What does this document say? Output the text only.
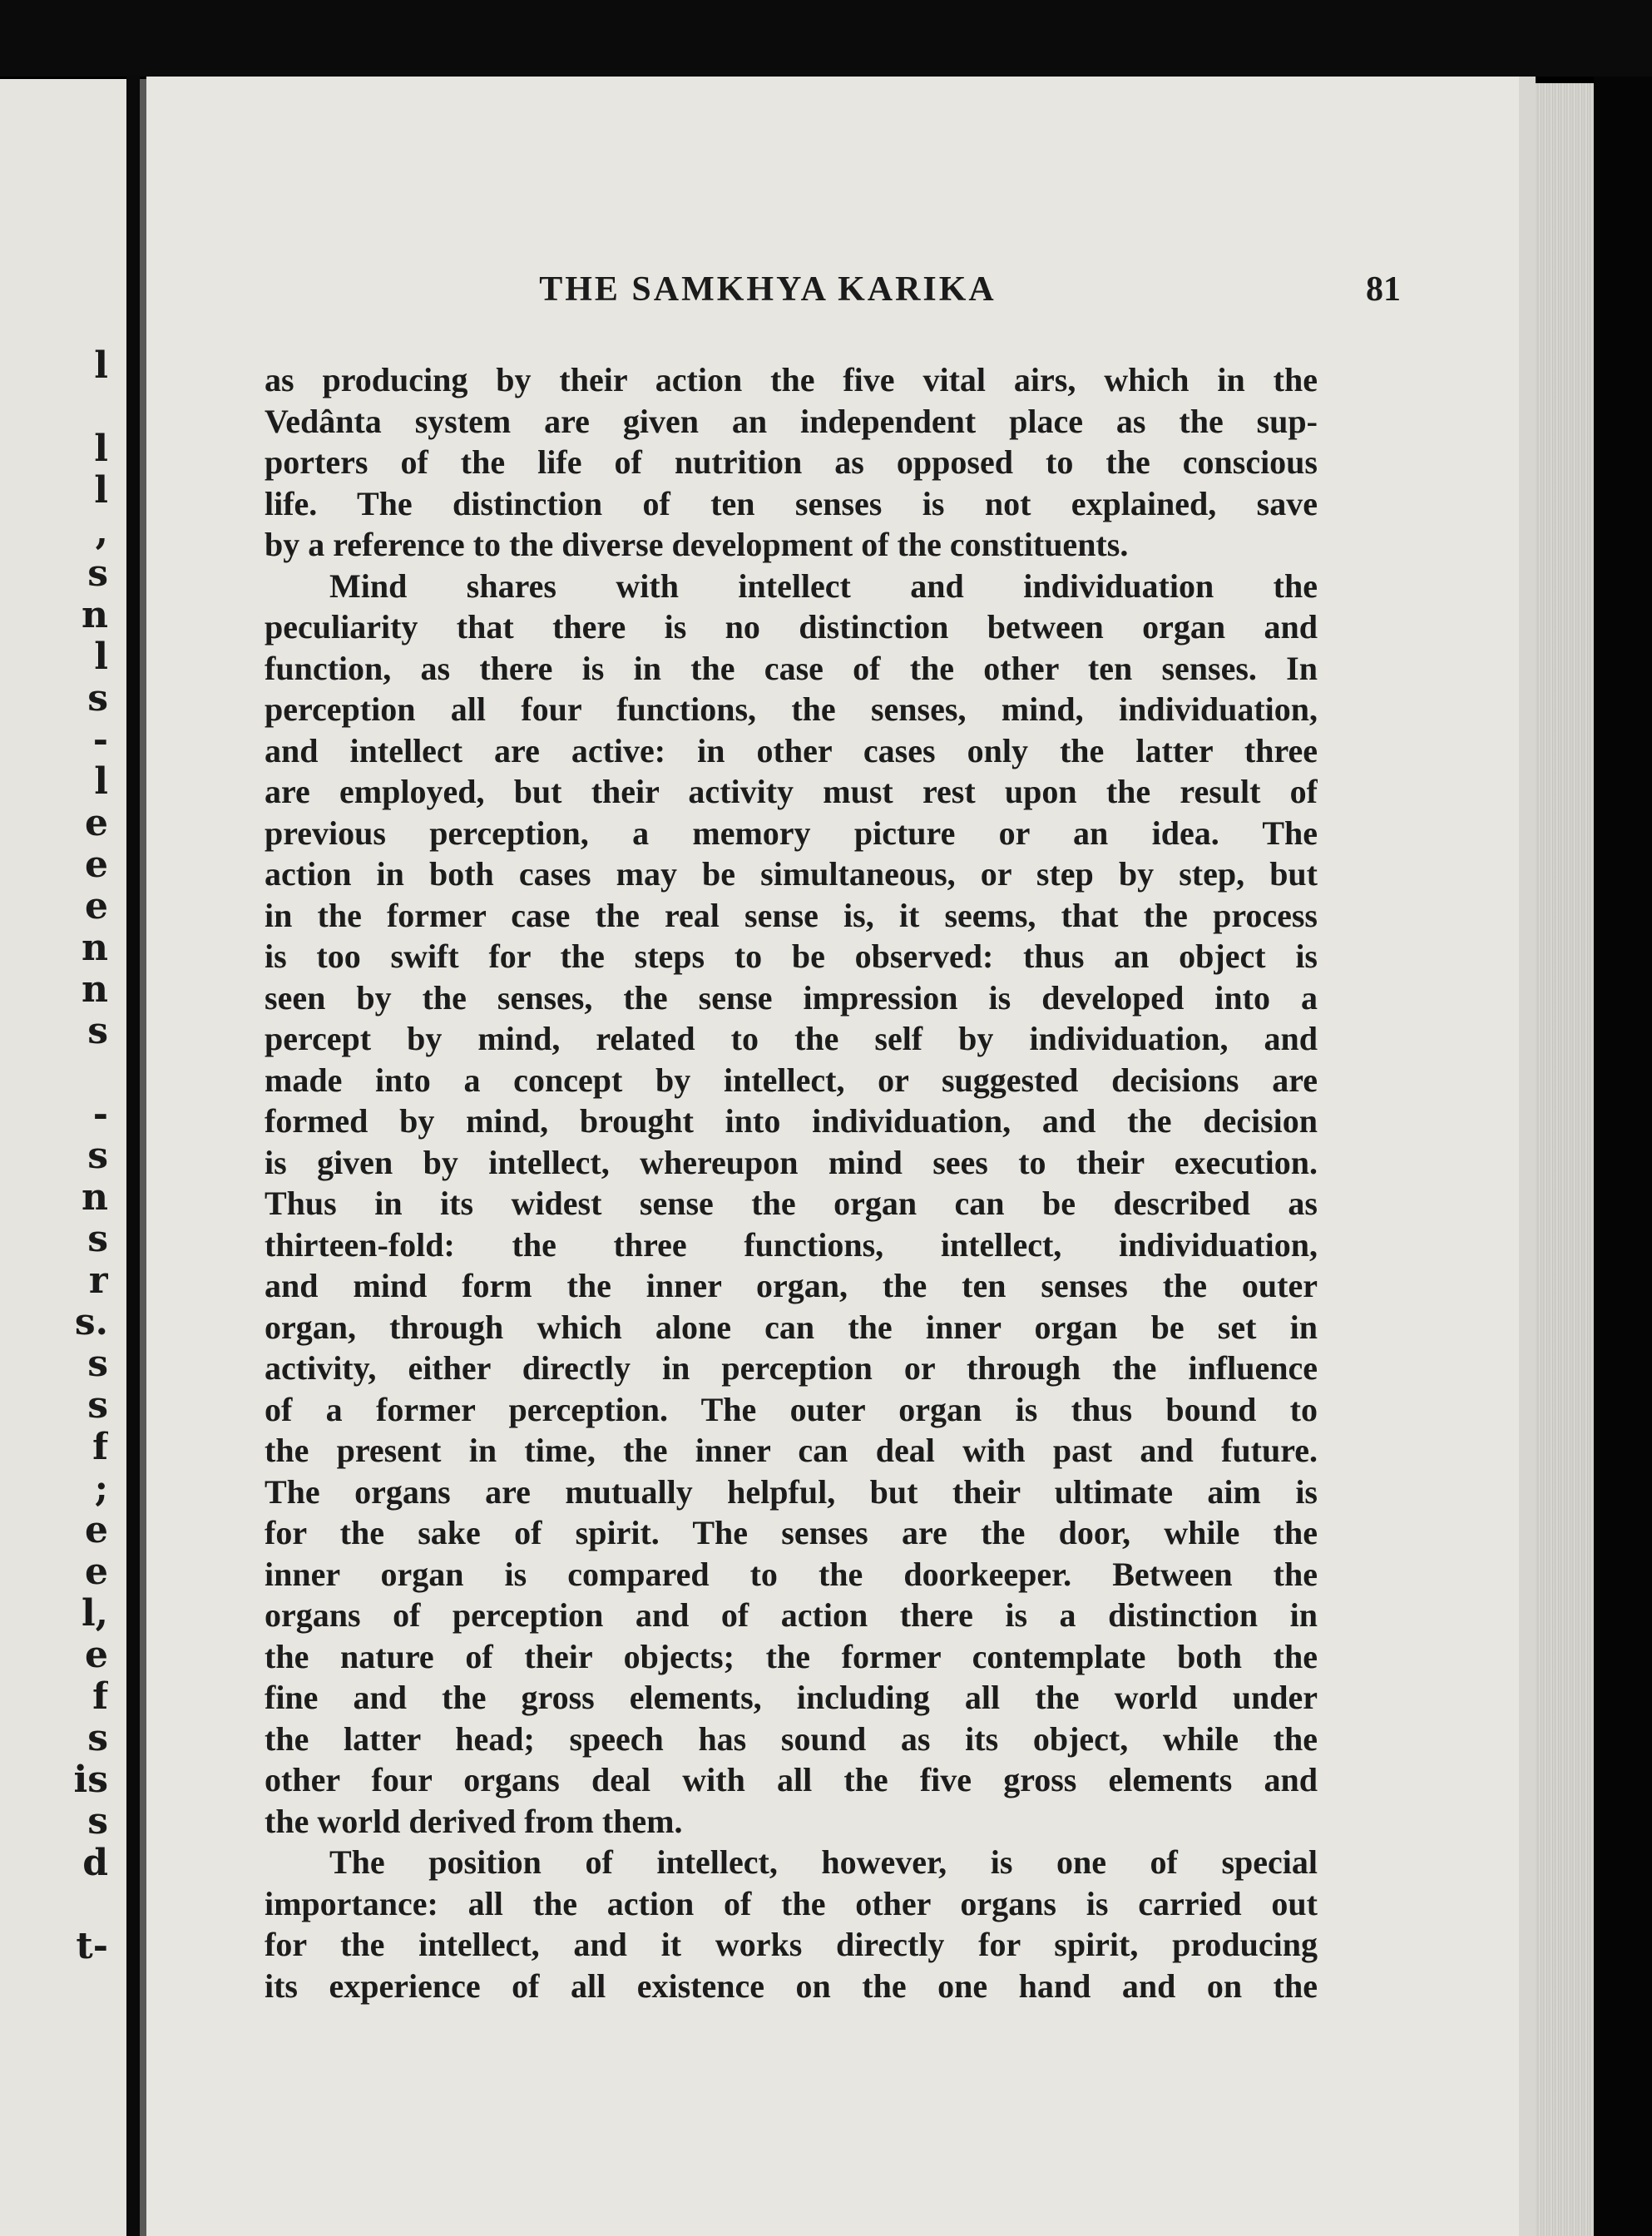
l
l
l
,
s
n
l
s
-
l
e
e
e
n
n
s
-
s
n
s
r
s.
s
s
f
;
e
e
l,
e
f
s
is
s
d
t-
THE SAMKHYA KARIKA	81
as producing by their action the five vital airs, which in the
Vedânta system are given an independent place as the sup-
porters of the life of nutrition as opposed to the conscious
life. The distinction of ten senses is not explained, save
by a reference to the diverse development of the constituents.
Mind shares with intellect and individuation the
peculiarity that there is no distinction between organ and
function, as there is in the case of the other ten senses. In
perception all four functions, the senses, mind, individuation,
and intellect are active: in other cases only the latter three
are employed, but their activity must rest upon the result of
previous perception, a memory picture or an idea. The
action in both cases may be simultaneous, or step by step, but
in the former case the real sense is, it seems, that the process
is too swift for the steps to be observed: thus an object is
seen by the senses, the sense impression is developed into a
percept by mind, related to the self by individuation, and
made into a concept by intellect, or suggested decisions are
formed by mind, brought into individuation, and the decision
is given by intellect, whereupon mind sees to their execution.
Thus in its widest sense the organ can be described as
thirteen-fold: the three functions, intellect, individuation,
and mind form the inner organ, the ten senses the outer
organ, through which alone can the inner organ be set in
activity, either directly in perception or through the influence
of a former perception. The outer organ is thus bound to
the present in time, the inner can deal with past and future.
The organs are mutually helpful, but their ultimate aim is
for the sake of spirit. The senses are the door, while the
inner organ is compared to the doorkeeper. Between the
organs of perception and of action there is a distinction in
the nature of their objects; the former contemplate both the
fine and the gross elements, including all the world under
the latter head; speech has sound as its object, while the
other four organs deal with all the five gross elements and
the world derived from them.
The position of intellect, however, is one of special
importance: all the action of the other organs is carried out
for the intellect, and it works directly for spirit, producing
its experience of all existence on the one hand and on the
